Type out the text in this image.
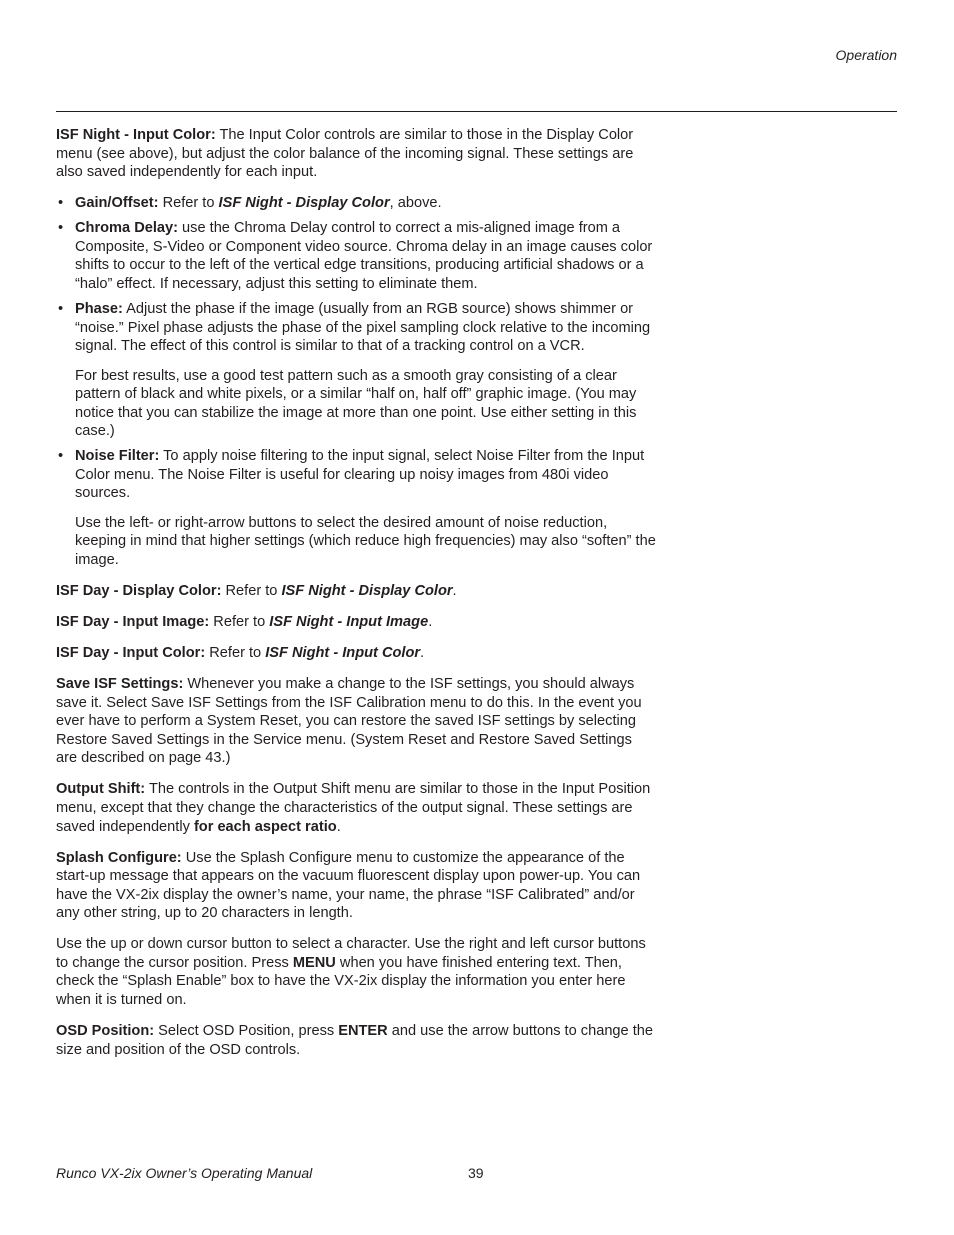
Operation

ISF Night - Input Color: The Input Color controls are similar to those in the Display Color menu (see above), but adjust the color balance of the incoming signal. These settings are also saved independently for each input.

• Gain/Offset: Refer to ISF Night - Display Color, above.
• Chroma Delay: use the Chroma Delay control to correct a mis-aligned image from a Composite, S-Video or Component video source. Chroma delay in an image causes color shifts to occur to the left of the vertical edge transitions, producing artificial shadows or a “halo” effect. If necessary, adjust this setting to eliminate them.
• Phase: Adjust the phase if the image (usually from an RGB source) shows shimmer or “noise.” Pixel phase adjusts the phase of the pixel sampling clock relative to the incoming signal. The effect of this control is similar to that of a tracking control on a VCR.

For best results, use a good test pattern such as a smooth gray consisting of a clear pattern of black and white pixels, or a similar “half on, half off” graphic image. (You may notice that you can stabilize the image at more than one point. Use either setting in this case.)

• Noise Filter: To apply noise filtering to the input signal, select Noise Filter from the Input Color menu. The Noise Filter is useful for clearing up noisy images from 480i video sources.

Use the left- or right-arrow buttons to select the desired amount of noise reduction, keeping in mind that higher settings (which reduce high frequencies) may also “soften” the image.

ISF Day - Display Color: Refer to ISF Night - Display Color.

ISF Day - Input Image: Refer to ISF Night - Input Image.

ISF Day - Input Color: Refer to ISF Night - Input Color.

Save ISF Settings: Whenever you make a change to the ISF settings, you should always save it. Select Save ISF Settings from the ISF Calibration menu to do this. In the event you ever have to perform a System Reset, you can restore the saved ISF settings by selecting Restore Saved Settings in the Service menu. (System Reset and Restore Saved Settings are described on page 43.)

Output Shift: The controls in the Output Shift menu are similar to those in the Input Position menu, except that they change the characteristics of the output signal. These settings are saved independently for each aspect ratio.

Splash Configure: Use the Splash Configure menu to customize the appearance of the start-up message that appears on the vacuum fluorescent display upon power-up. You can have the VX-2ix display the owner’s name, your name, the phrase “ISF Calibrated” and/or any other string, up to 20 characters in length.

Use the up or down cursor button to select a character. Use the right and left cursor buttons to change the cursor position. Press MENU when you have finished entering text. Then, check the “Splash Enable” box to have the VX-2ix display the information you enter here when it is turned on.

OSD Position: Select OSD Position, press ENTER and use the arrow buttons to change the size and position of the OSD controls.

Runco VX-2ix Owner’s Operating Manual	39
